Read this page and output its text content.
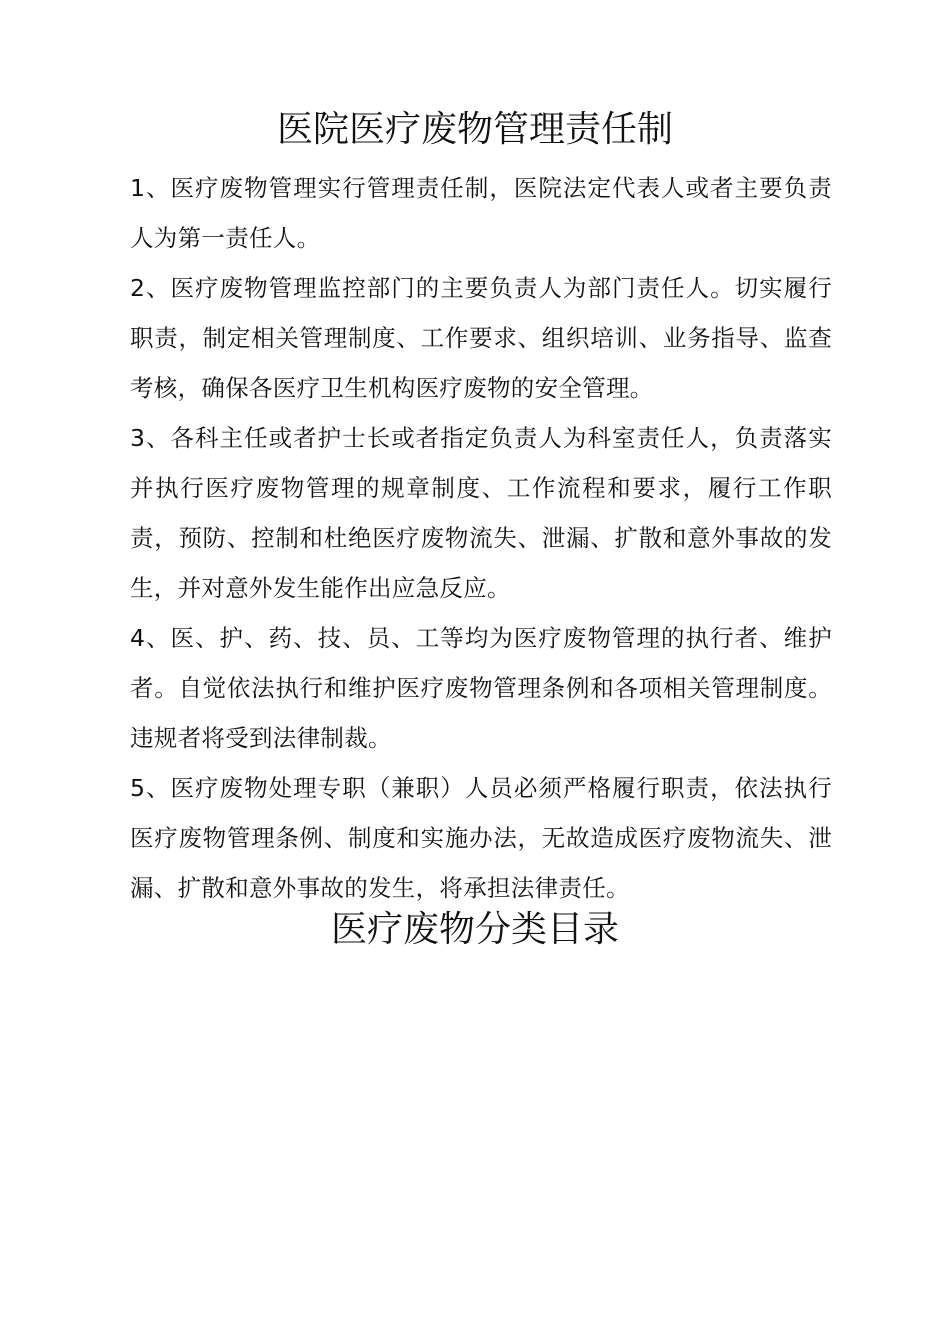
医院医疗废物管理责任制

1、医疗废物管理实行管理责任制，医院法定代表人或者主要负责人为第一责任人。

2、医疗废物管理监控部门的主要负责人为部门责任人。切实履行职责，制定相关管理制度、工作要求、组织培训、业务指导、监查考核，确保各医疗卫生机构医疗废物的安全管理。

3、各科主任或者护士长或者指定负责人为科室责任人，负责落实并执行医疗废物管理的规章制度、工作流程和要求，履行工作职责，预防、控制和杜绝医疗废物流失、泄漏、扩散和意外事故的发生，并对意外发生能作出应急反应。

4、医、护、药、技、员、工等均为医疗废物管理的执行者、维护者。自觉依法执行和维护医疗废物管理条例和各项相关管理制度。违规者将受到法律制裁。

5、医疗废物处理专职（兼职）人员必须严格履行职责，依法执行医疗废物管理条例、制度和实施办法，无故造成医疗废物流失、泄漏、扩散和意外事故的发生，将承担法律责任。

医疗废物分类目录
